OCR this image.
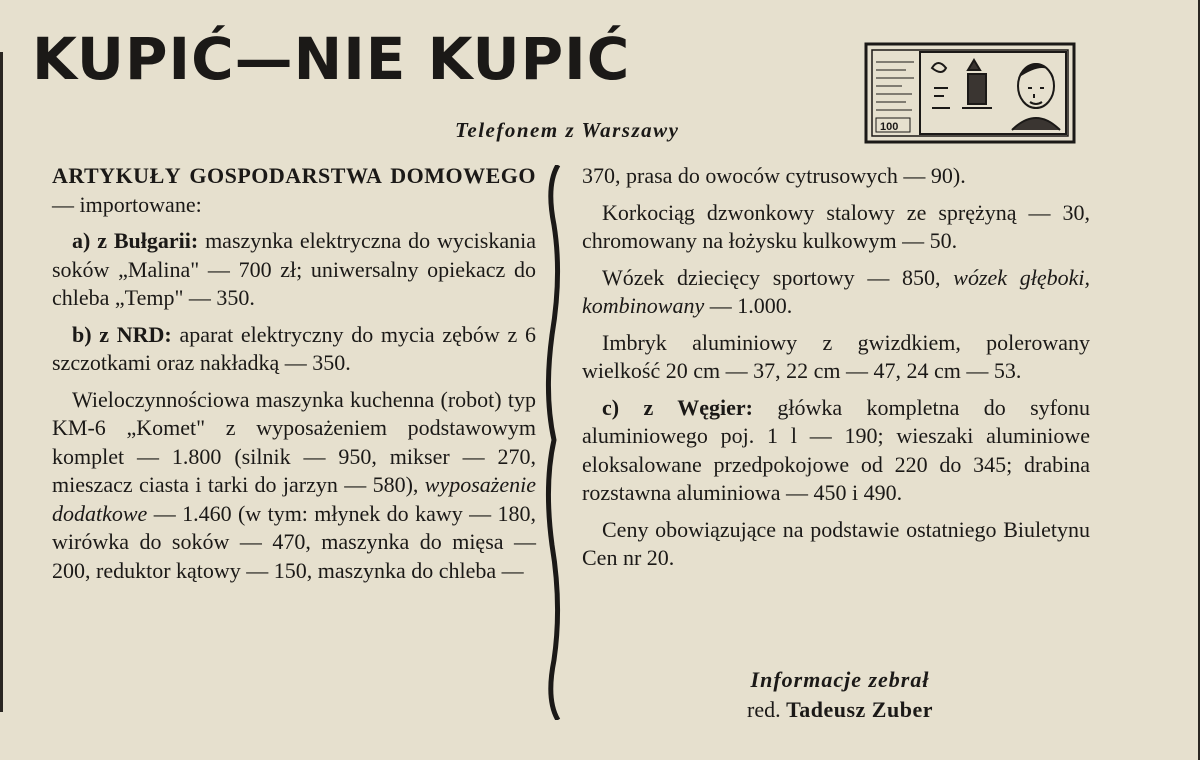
KUPIĆ—NIE KUPIĆ
Telefonem z Warszawy	100

ARTYKUŁY GOSPODARSTWA DOMOWEGO — importowane:

a) z Bułgarii: maszynka elektryczna do wyciskania soków „Malina" — 700 zł; uniwersalny opiekacz do chleba „Temp" — 350.

b) z NRD: aparat elektryczny do mycia zębów z 6 szczotkami oraz nakładką — 350.

Wieloczynnościowa maszynka kuchenna (robot) typ KM-6 „Komet" z wyposażeniem podstawowym komplet — 1.800 (silnik — 950, mikser — 270, mieszacz ciasta i tarki do jarzyn — 580), wyposażenie dodatkowe — 1.460 (w tym: młynek do kawy — 180, wirówka do soków — 470, maszynka do mięsa — 200, reduktor kątowy — 150, maszynka do chleba —

370, prasa do owoców cytrusowych — 90).

Korkociąg dzwonkowy stalowy ze sprężyną — 30, chromowany na łożysku kulkowym — 50.

Wózek dziecięcy sportowy — 850, wózek głęboki, kombinowany — 1.000.

Imbryk aluminiowy z gwizdkiem, polerowany wielkość 20 cm — 37, 22 cm — 47, 24 cm — 53.

c) z Węgier: główka kompletna do syfonu aluminiowego poj. 1 l — 190; wieszaki aluminiowe eloksalowane przedpokojowe od 220 do 345; drabina rozstawna aluminiowa — 450 i 490.

Ceny obowiązujące na podstawie ostatniego Biuletynu Cen nr 20.

Informacje zebrał
red. Tadeusz Zuber
